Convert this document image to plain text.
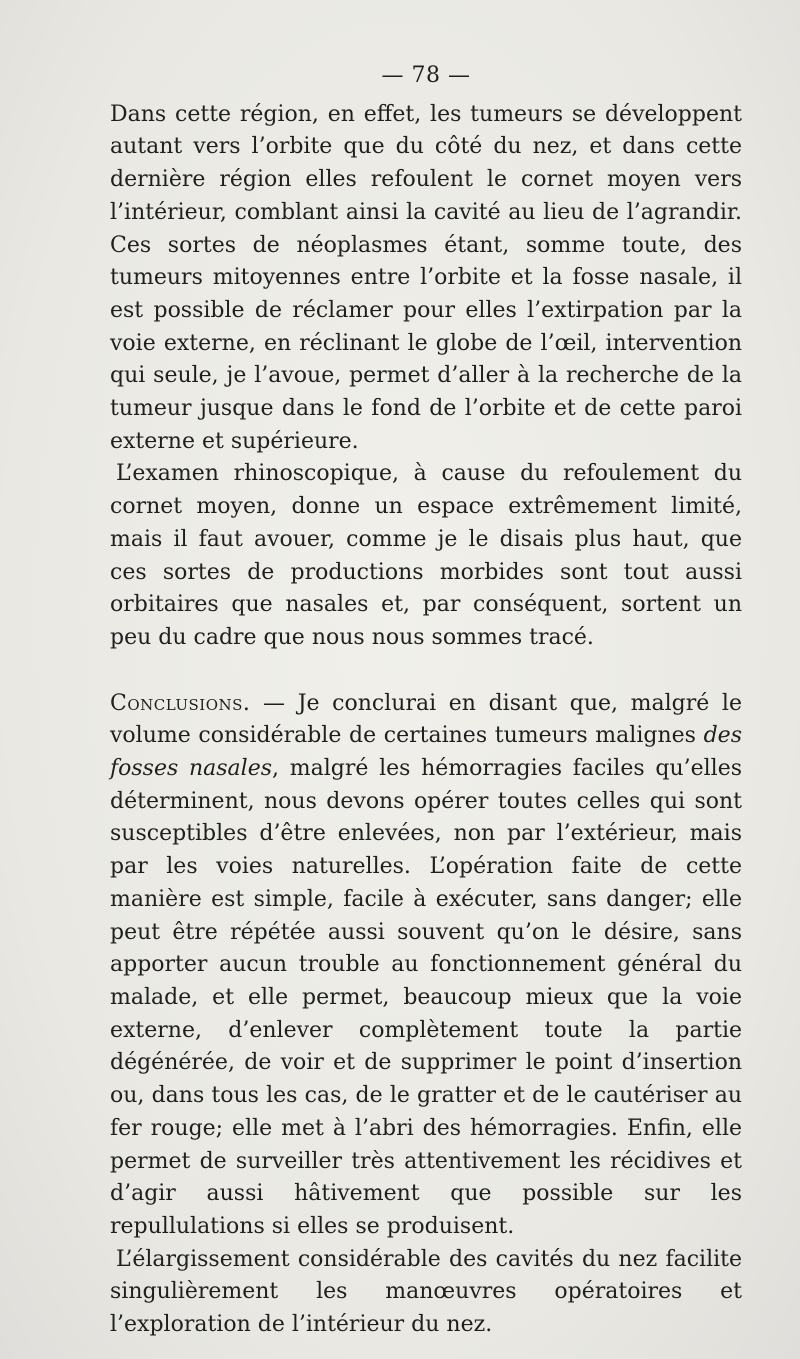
— 78 —

Dans cette région, en effet, les tumeurs se développent autant vers l’orbite que du côté du nez, et dans cette dernière région elles refoulent le cornet moyen vers l’intérieur, comblant ainsi la cavité au lieu de l’agrandir. Ces sortes de néoplasmes étant, somme toute, des tumeurs mitoyennes entre l’orbite et la fosse nasale, il est possible de réclamer pour elles l’extirpation par la voie externe, en réclinant le globe de l’œil, intervention qui seule, je l’avoue, permet d’aller à la recherche de la tumeur jusque dans le fond de l’orbite et de cette paroi externe et supérieure.

L’examen rhinoscopique, à cause du refoulement du cornet moyen, donne un espace extrêmement limité, mais il faut avouer, comme je le disais plus haut, que ces sortes de productions morbides sont tout aussi orbitaires que nasales et, par conséquent, sortent un peu du cadre que nous nous sommes tracé.

Conclusions. — Je conclurai en disant que, malgré le volume considérable de certaines tumeurs malignes des fosses nasales, malgré les hémorragies faciles qu’elles déterminent, nous devons opérer toutes celles qui sont susceptibles d’être enlevées, non par l’extérieur, mais par les voies naturelles. L’opération faite de cette manière est simple, facile à exécuter, sans danger; elle peut être répétée aussi souvent qu’on le désire, sans apporter aucun trouble au fonctionnement général du malade, et elle permet, beaucoup mieux que la voie externe, d’enlever complètement toute la partie dégénérée, de voir et de supprimer le point d’insertion ou, dans tous les cas, de le gratter et de le cautériser au fer rouge; elle met à l’abri des hémorragies. Enfin, elle permet de surveiller très attentivement les récidives et d’agir aussi hâtivement que possible sur les repullulations si elles se produisent.

L’élargissement considérable des cavités du nez facilite singulièrement les manœuvres opératoires et l’exploration de l’intérieur du nez.
